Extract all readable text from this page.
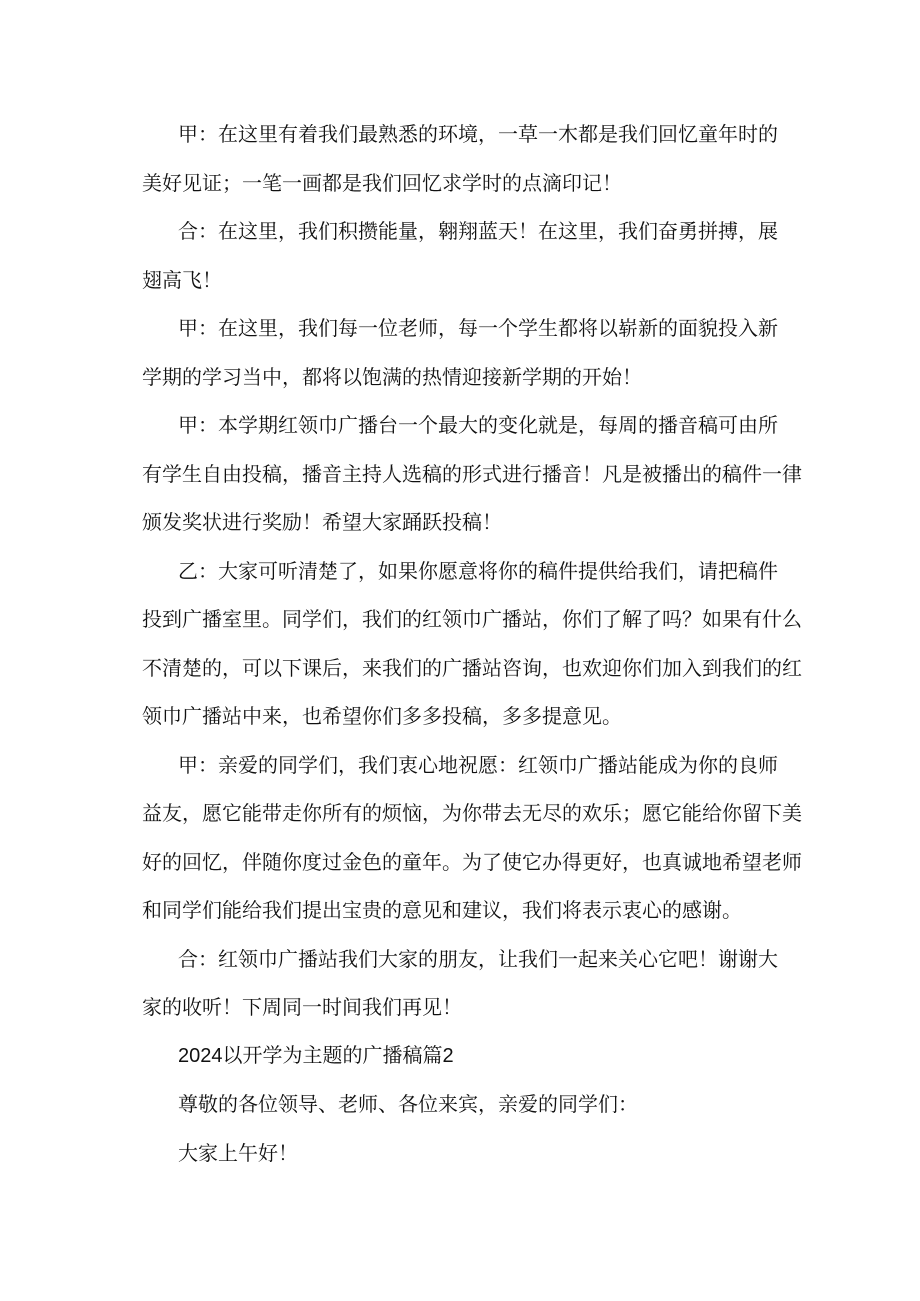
甲：在这里有着我们最熟悉的环境，一草一木都是我们回忆童年时的
美好见证；一笔一画都是我们回忆求学时的点滴印记！

合：在这里，我们积攒能量，翱翔蓝天！在这里，我们奋勇拼搏，展
翅高飞！

甲：在这里，我们每一位老师，每一个学生都将以崭新的面貌投入新
学期的学习当中，都将以饱满的热情迎接新学期的开始！

甲：本学期红领巾广播台一个最大的变化就是，每周的播音稿可由所
有学生自由投稿，播音主持人选稿的形式进行播音！凡是被播出的稿件一律
颁发奖状进行奖励！希望大家踊跃投稿！

乙：大家可听清楚了，如果你愿意将你的稿件提供给我们，请把稿件
投到广播室里。同学们，我们的红领巾广播站，你们了解了吗？如果有什么
不清楚的，可以下课后，来我们的广播站咨询，也欢迎你们加入到我们的红
领巾广播站中来，也希望你们多多投稿，多多提意见。

甲：亲爱的同学们，我们衷心地祝愿：红领巾广播站能成为你的良师
益友，愿它能带走你所有的烦恼，为你带去无尽的欢乐；愿它能给你留下美
好的回忆，伴随你度过金色的童年。为了使它办得更好，也真诚地希望老师
和同学们能给我们提出宝贵的意见和建议，我们将表示衷心的感谢。

合：红领巾广播站我们大家的朋友，让我们一起来关心它吧！谢谢大
家的收听！下周同一时间我们再见！

2024以开学为主题的广播稿篇2

尊敬的各位领导、老师、各位来宾，亲爱的同学们：

大家上午好！
